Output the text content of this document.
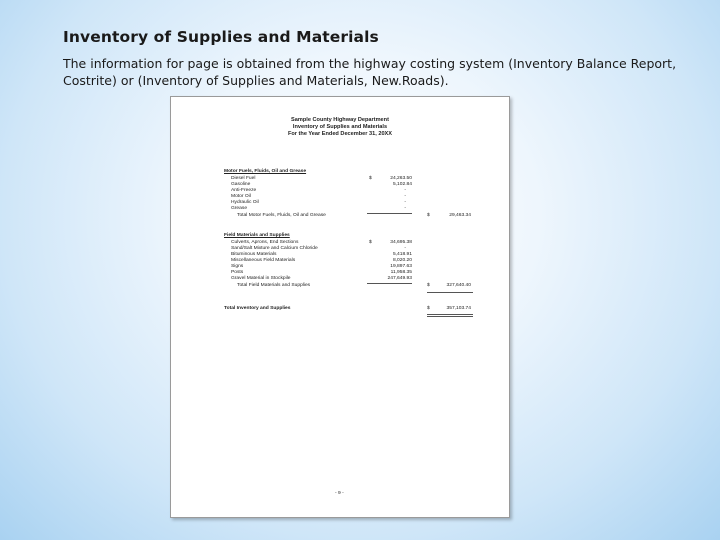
Inventory of Supplies and Materials
The information for page is obtained from the highway costing system (Inventory Balance Report, Costrite) or (Inventory of Supplies and Materials, New.Roads).
Sample County Highway Department
Inventory of Supplies and Materials
For the Year Ended December 31, 20XX
Motor Fuels, Fluids, Oil and Grease
Diesel Fuel	$	24,263.50
Gasoline	5,102.84
Anti-Freeze	-
Motor Oil	-
Hydraulic Oil	-
Grease	-
Total Motor Fuels, Fluids, Oil and Grease	$	29,463.34
Field Materials and Supplies
Culverts, Aprons, End Sections	$	34,695.38
Sand/Salt Mixture and Calcium Chloride	-
Bituminous Materials	5,418.91
Miscellaneous Field Materials	8,020.20
Signs	19,897.63
Posts	11,958.35
Gravel Material in Stockpile	247,649.93
Total Field Materials and Supplies	$	327,640.40
Total Inventory and Supplies	$	357,103.74
- 9 -
